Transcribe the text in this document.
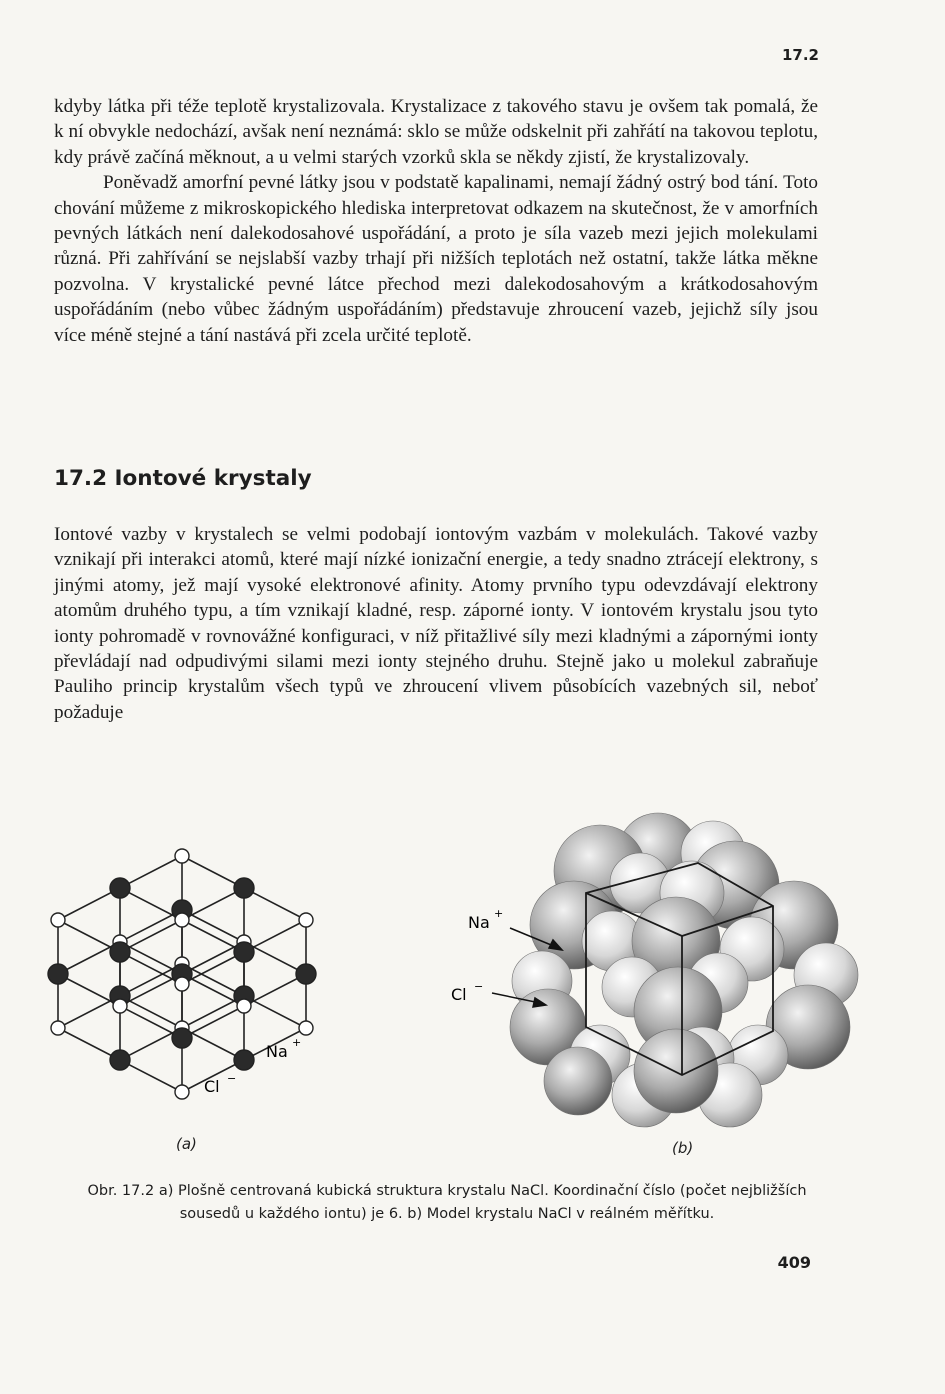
17.2

kdyby látka při téže teplotě krystalizovala. Krystalizace z takového stavu je ovšem tak pomalá, že k ní obvykle nedochází, avšak není neznámá: sklo se může odskelnit při zahřátí na takovou teplotu, kdy právě začíná měknout, a u velmi starých vzorků skla se někdy zjistí, že krystalizovaly.

Poněvadž amorfní pevné látky jsou v podstatě kapalinami, nemají žádný ostrý bod tání. Toto chování můžeme z mikroskopického hlediska interpretovat odkazem na skutečnost, že v amorfních pevných látkách není dalekodosahové uspořádání, a proto je síla vazeb mezi jejich molekulami různá. Při zahřívání se nejslabší vazby trhají při nižších teplotách než ostatní, takže látka měkne pozvolna. V krystalické pevné látce přechod mezi dalekodosahovým a krátkodosahovým uspořádáním (nebo vůbec žádným uspořádáním) představuje zhroucení vazeb, jejichž síly jsou více méně stejné a tání nastává při zcela určité teplotě.

17.2 Iontové krystaly

Iontové vazby v krystalech se velmi podobají iontovým vazbám v molekulách. Takové vazby vznikají při interakci atomů, které mají nízké ionizační energie, a tedy snadno ztrácejí elektrony, s jinými atomy, jež mají vysoké elektronové afinity. Atomy prvního typu odevzdávají elektrony atomům druhého typu, a tím vznikají kladné, resp. záporné ionty. V iontovém krystalu jsou tyto ionty pohromadě v rovnovážné konfiguraci, v níž přitažlivé síly mezi kladnými a zápornými ionty převládají nad odpudivými silami mezi ionty stejného druhu. Stejně jako u molekul zabraňuje Pauliho princip krystalům všech typů ve zhroucení vlivem působících vazebných sil, neboť požaduje

Na +
Cl −
Na +
Cl −
(a)	(b)
Obr. 17.2 a) Plošně centrovaná kubická struktura krystalu NaCl. Koordinační číslo (počet nejbližších
sousedů u každého iontu) je 6. b) Model krystalu NaCl v reálném měřítku.
409
